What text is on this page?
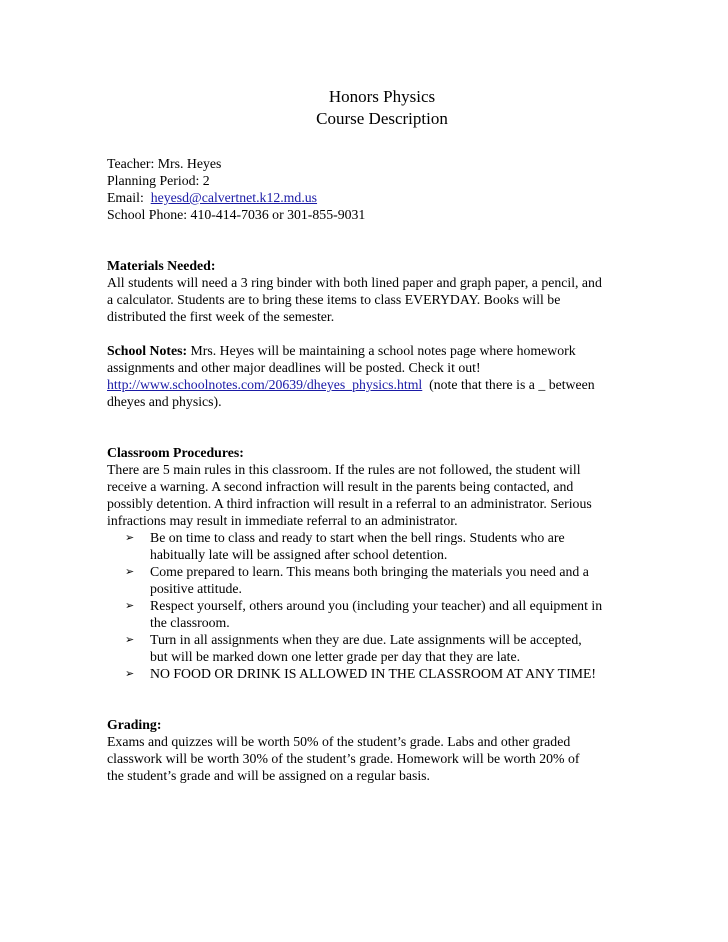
Honors Physics
Course Description
Teacher: Mrs. Heyes
Planning Period: 2
Email:  heyesd@calvertnet.k12.md.us
School Phone: 410-414-7036 or 301-855-9031
Materials Needed:
All students will need a 3 ring binder with both lined paper and graph paper, a pencil, and
a calculator. Students are to bring these items to class EVERYDAY. Books will be
distributed the first week of the semester.
School Notes: Mrs. Heyes will be maintaining a school notes page where homework
assignments and other major deadlines will be posted. Check it out!
http://www.schoolnotes.com/20639/dheyes_physics.html  (note that there is a _ between
dheyes and physics).
Classroom Procedures:
There are 5 main rules in this classroom. If the rules are not followed, the student will
receive a warning. A second infraction will result in the parents being contacted, and
possibly detention. A third infraction will result in a referral to an administrator. Serious
infractions may result in immediate referral to an administrator.
➢ Be on time to class and ready to start when the bell rings. Students who are
habitually late will be assigned after school detention.
➢ Come prepared to learn. This means both bringing the materials you need and a
positive attitude.
➢ Respect yourself, others around you (including your teacher) and all equipment in
the classroom.
➢ Turn in all assignments when they are due. Late assignments will be accepted,
but will be marked down one letter grade per day that they are late.
➢ NO FOOD OR DRINK IS ALLOWED IN THE CLASSROOM AT ANY TIME!
Grading:
Exams and quizzes will be worth 50% of the student’s grade. Labs and other graded
classwork will be worth 30% of the student’s grade. Homework will be worth 20% of
the student’s grade and will be assigned on a regular basis.
